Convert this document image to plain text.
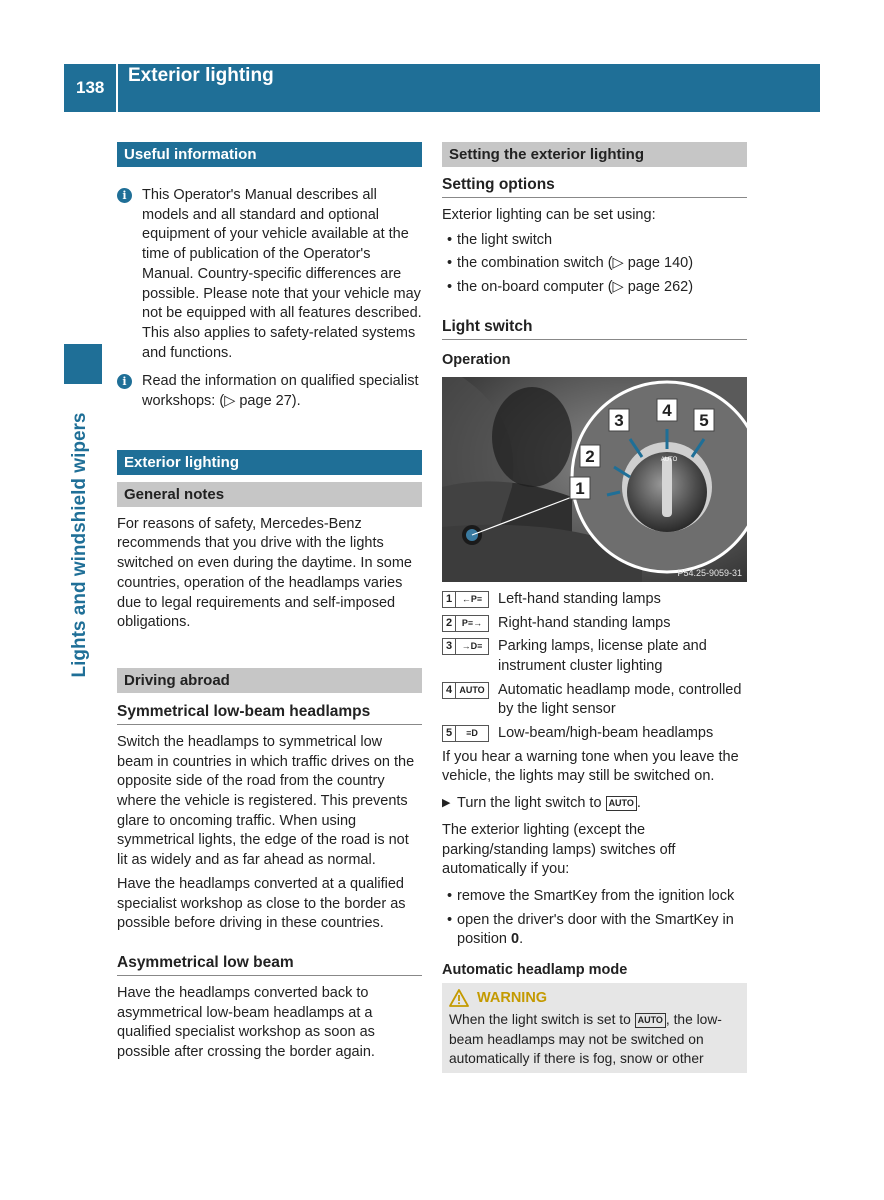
138
Exterior lighting
Lights and windshield wipers
Useful information
i	This Operator's Manual describes all models and all standard and optional equipment of your vehicle available at the time of publication of the Operator's Manual. Country-specific differences are possible. Please note that your vehicle may not be equipped with all features described. This also applies to safety-related systems and functions.
i	Read the information on qualified specialist workshops: (▷ page 27).
Exterior lighting
General notes

For reasons of safety, Mercedes-Benz recommends that you drive with the lights switched on even during the daytime. In some countries, operation of the headlamps varies due to legal requirements and self-imposed obligations.

Driving abroad
Symmetrical low-beam headlamps

Switch the headlamps to symmetrical low beam in countries in which traffic drives on the opposite side of the road from the country where the vehicle is registered. This prevents glare to oncoming traffic. When using symmetrical lights, the edge of the road is not lit as widely and as far ahead as normal.

Have the headlamps converted at a qualified specialist workshop as close to the border as possible before driving in these countries.

Asymmetrical low beam

Have the headlamps converted back to asymmetrical low-beam headlamps at a qualified specialist workshop as soon as possible after crossing the border again.

Setting the exterior lighting
Setting options

Exterior lighting can be set using:

• the light switch
• the combination switch (▷ page 140)
• the on-board computer (▷ page 262)
Light switch
Operation
AUTO
1
2
3
4
5
P54.25-9059-31
1	←P≡	Left-hand standing lamps
2	P≡→	Right-hand standing lamps
3	→D≡	Parking lamps, license plate and instrument cluster lighting
4 AUTO Automatic headlamp mode, controlled by the light sensor
5	≡D	Low-beam/high-beam headlamps

If you hear a warning tone when you leave the vehicle, the lights may still be switched on.

▶ Turn the light switch to AUTO .

The exterior lighting (except the parking/standing lamps) switches off automatically if you:

• remove the SmartKey from the ignition lock
• open the driver's door with the SmartKey in position 0.
Automatic headlamp mode
WARNING
When the light switch is set to AUTO , the low-beam headlamps may not be switched on automatically if there is fog, snow or other
